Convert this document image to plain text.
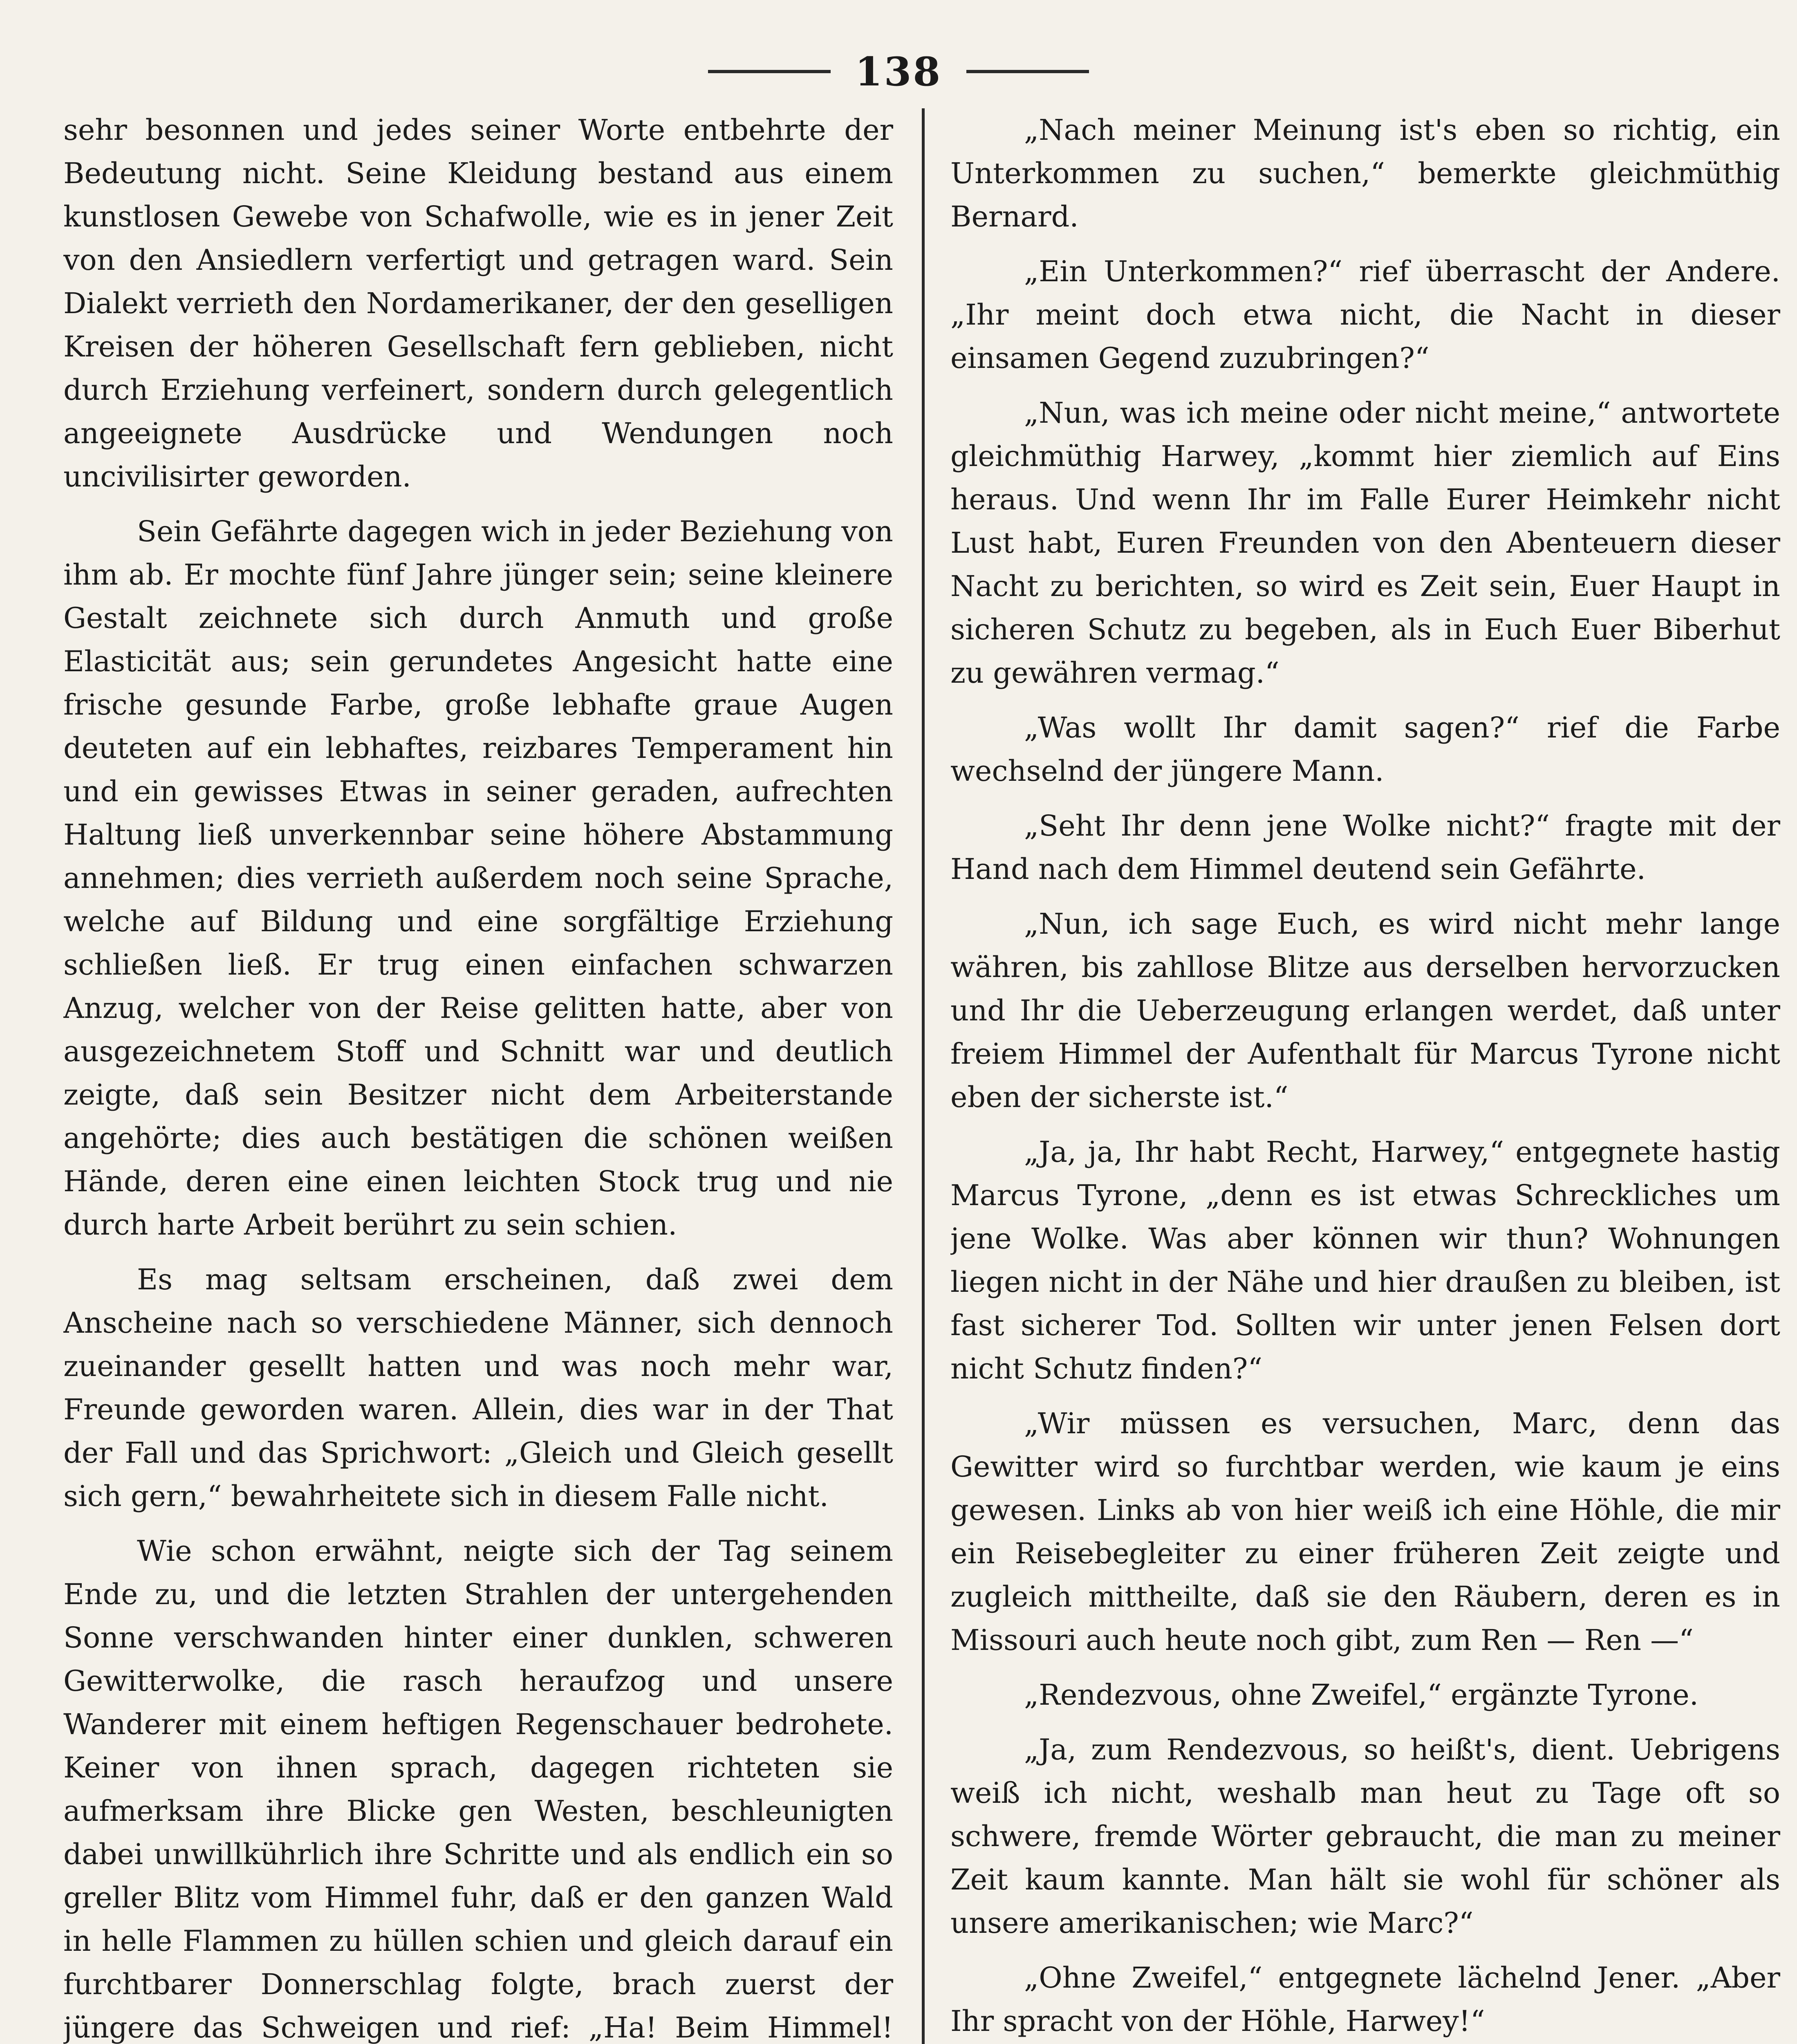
138

sehr besonnen und jedes seiner Worte entbehrte der Bedeutung nicht. Seine Kleidung bestand aus einem kunstlosen Gewebe von Schafwolle, wie es in jener Zeit von den Ansiedlern verfertigt und getragen ward. Sein Dialekt verrieth den Nordamerikaner, der den geselligen Kreisen der höheren Gesellschaft fern geblieben, nicht durch Erziehung verfeinert, sondern durch gelegentlich angeeignete Ausdrücke und Wendungen noch uncivilisirter geworden.

Sein Gefährte dagegen wich in jeder Beziehung von ihm ab. Er mochte fünf Jahre jünger sein; seine kleinere Gestalt zeichnete sich durch Anmuth und große Elasticität aus; sein gerundetes Angesicht hatte eine frische gesunde Farbe, große lebhafte graue Augen deuteten auf ein lebhaftes, reizbares Temperament hin und ein gewisses Etwas in seiner geraden, aufrechten Haltung ließ unverkennbar seine höhere Abstammung annehmen; dies verrieth außerdem noch seine Sprache, welche auf Bildung und eine sorgfältige Erziehung schließen ließ. Er trug einen einfachen schwarzen Anzug, welcher von der Reise gelitten hatte, aber von ausgezeichnetem Stoff und Schnitt war und deutlich zeigte, daß sein Besitzer nicht dem Arbeiterstande angehörte; dies auch bestätigen die schönen weißen Hände, deren eine einen leichten Stock trug und nie durch harte Arbeit berührt zu sein schien.

Es mag seltsam erscheinen, daß zwei dem Anscheine nach so verschiedene Männer, sich dennoch zueinander gesellt hatten und was noch mehr war, Freunde geworden waren. Allein, dies war in der That der Fall und das Sprichwort: „Gleich und Gleich gesellt sich gern,“ bewahrheitete sich in diesem Falle nicht.

Wie schon erwähnt, neigte sich der Tag seinem Ende zu, und die letzten Strahlen der untergehenden Sonne verschwanden hinter einer dunklen, schweren Gewitterwolke, die rasch heraufzog und unsere Wanderer mit einem heftigen Regenschauer bedrohete. Keiner von ihnen sprach, dagegen richteten sie aufmerksam ihre Blicke gen Westen, beschleunigten dabei unwillkührlich ihre Schritte und als endlich ein so greller Blitz vom Himmel fuhr, daß er den ganzen Wald in helle Flammen zu hüllen schien und gleich darauf ein furchtbarer Donnerschlag folgte, brach zuerst der jüngere das Schweigen und rief: „Ha! Beim Himmel!

„Nach meiner Meinung ist's eben so richtig, ein Unterkommen zu suchen,“ bemerkte gleichmüthig Bernard.

„Ein Unterkommen?“ rief überrascht der Andere. „Ihr meint doch etwa nicht, die Nacht in dieser einsamen Gegend zuzubringen?“

„Nun, was ich meine oder nicht meine,“ antwortete gleichmüthig Harwey, „kommt hier ziemlich auf Eins heraus. Und wenn Ihr im Falle Eurer Heimkehr nicht Lust habt, Euren Freunden von den Abenteuern dieser Nacht zu berichten, so wird es Zeit sein, Euer Haupt in sicheren Schutz zu begeben, als in Euch Euer Biberhut zu gewähren vermag.“

„Was wollt Ihr damit sagen?“ rief die Farbe wechselnd der jüngere Mann.

„Seht Ihr denn jene Wolke nicht?“ fragte mit der Hand nach dem Himmel deutend sein Gefährte.

„Nun, ich sage Euch, es wird nicht mehr lange währen, bis zahllose Blitze aus derselben hervorzucken und Ihr die Ueberzeugung erlangen werdet, daß unter freiem Himmel der Aufenthalt für Marcus Tyrone nicht eben der sicherste ist.“

„Ja, ja, Ihr habt Recht, Harwey,“ entgegnete hastig Marcus Tyrone, „denn es ist etwas Schreckliches um jene Wolke. Was aber können wir thun? Wohnungen liegen nicht in der Nähe und hier draußen zu bleiben, ist fast sicherer Tod. Sollten wir unter jenen Felsen dort nicht Schutz finden?“

„Wir müssen es versuchen, Marc, denn das Gewitter wird so furchtbar werden, wie kaum je eins gewesen. Links ab von hier weiß ich eine Höhle, die mir ein Reisebegleiter zu einer früheren Zeit zeigte und zugleich mittheilte, daß sie den Räubern, deren es in Missouri auch heute noch gibt, zum Ren — Ren —“

„Rendezvous, ohne Zweifel,“ ergänzte Tyrone.

„Ja, zum Rendezvous, so heißt's, dient. Uebrigens weiß ich nicht, weshalb man heut zu Tage oft so schwere, fremde Wörter gebraucht, die man zu meiner Zeit kaum kannte. Man hält sie wohl für schöner als unsere amerikanischen; wie Marc?“

„Ohne Zweifel,“ entgegnete lächelnd Jener. „Aber Ihr spracht von der Höhle, Harwey!“
